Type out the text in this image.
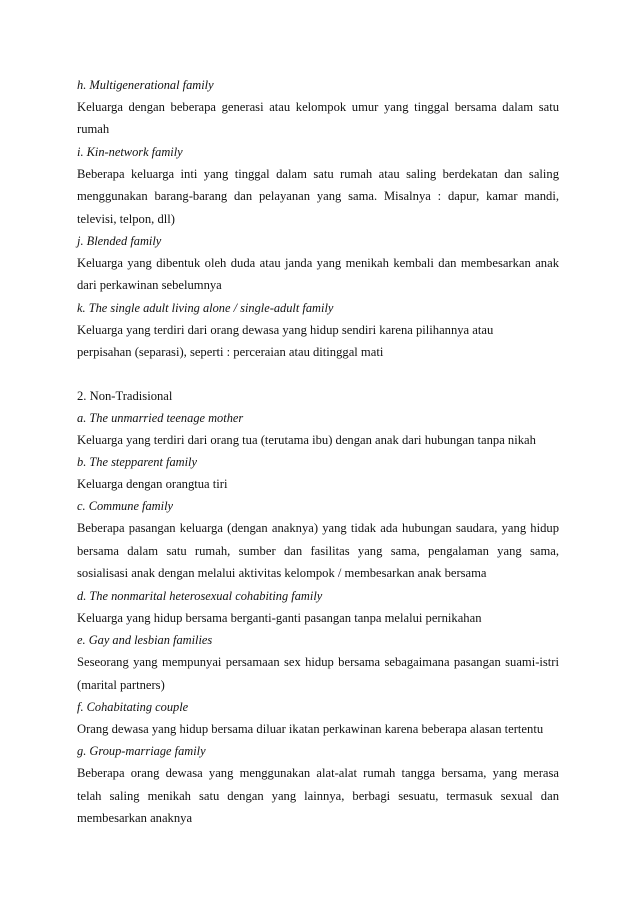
h. Multigenerational family

Keluarga dengan beberapa generasi atau kelompok umur yang tinggal bersama dalam satu
rumah

i. Kin-network family

Beberapa keluarga inti yang tinggal dalam satu rumah atau saling berdekatan dan saling
menggunakan barang-barang dan pelayanan yang sama. Misalnya : dapur, kamar mandi,
televisi, telpon, dll)

j. Blended family

Keluarga yang dibentuk oleh duda atau janda yang menikah kembali dan membesarkan anak
dari perkawinan sebelumnya

k. The single adult living alone / single-adult family

Keluarga yang terdiri dari orang dewasa yang hidup sendiri karena pilihannya atau
perpisahan (separasi), seperti : perceraian atau ditinggal mati

2. Non-Tradisional

a. The unmarried teenage mother

Keluarga yang terdiri dari orang tua (terutama ibu) dengan anak dari hubungan tanpa nikah

b. The stepparent family

Keluarga dengan orangtua tiri

c. Commune family

Beberapa pasangan keluarga (dengan anaknya) yang tidak ada hubungan saudara, yang hidup
bersama dalam satu rumah, sumber dan fasilitas yang sama, pengalaman yang sama,
sosialisasi anak dengan melalui aktivitas kelompok / membesarkan anak bersama

d. The nonmarital heterosexual cohabiting family

Keluarga yang hidup bersama berganti-ganti pasangan tanpa melalui pernikahan

e. Gay and lesbian families

Seseorang yang mempunyai persamaan sex hidup bersama sebagaimana pasangan suami-istri
(marital partners)

f. Cohabitating couple

Orang dewasa yang hidup bersama diluar ikatan perkawinan karena beberapa alasan tertentu

g. Group-marriage family

Beberapa orang dewasa yang menggunakan alat-alat rumah tangga bersama, yang merasa
telah saling menikah satu dengan yang lainnya, berbagi sesuatu, termasuk sexual dan
membesarkan anaknya
